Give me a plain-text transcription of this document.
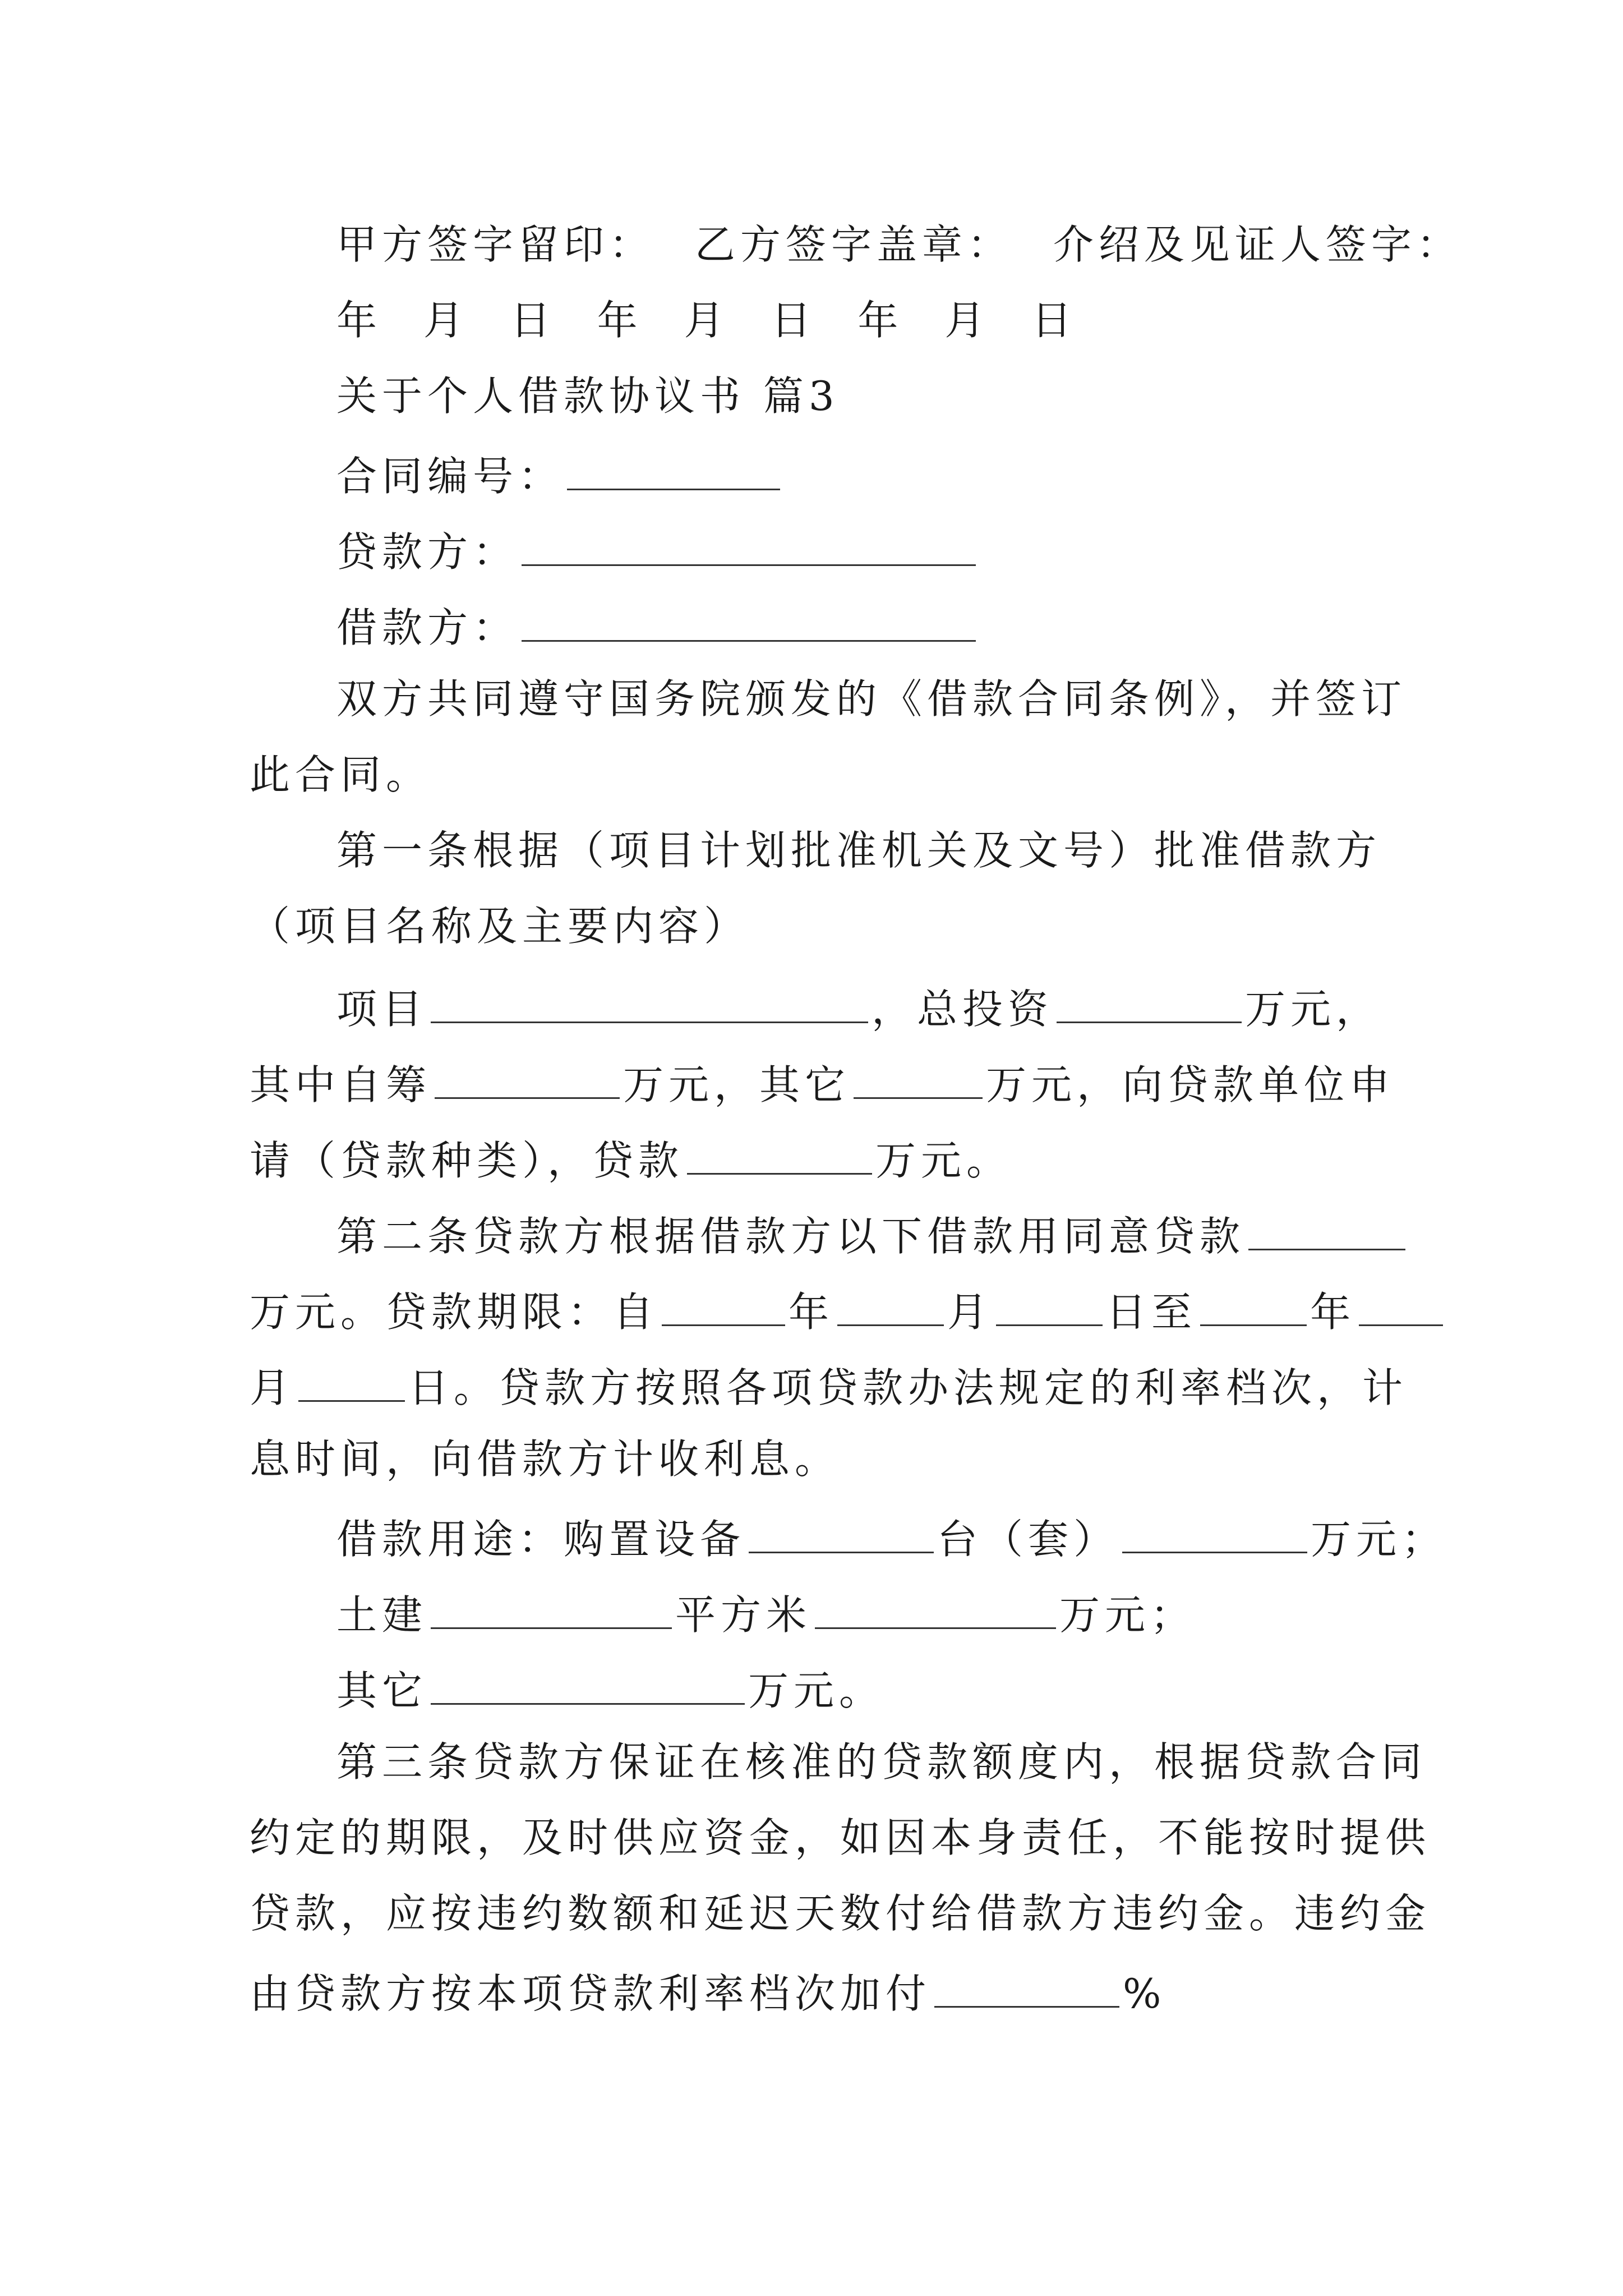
甲方签字留印： 乙方签字盖章： 介绍及见证人签字：
年 月 日 年 月 日 年 月 日
关于个人借款协议书 篇3
合同编号：
贷款方：
借款方：
双方共同遵守国务院颁发的《借款合同条例》，并签订
此合同。
第一条根据（项目计划批准机关及文号）批准借款方
（项目名称及主要内容）
项目	，总投资	万元，
其中自筹	万元，其它	万元，向贷款单位申
请（贷款种类），贷款	万元。
第二条贷款方根据借款方以下借款用同意贷款
万元。贷款期限：自	年	月	日至	年
月	日。贷款方按照各项贷款办法规定的利率档次，计
息时间，向借款方计收利息。
借款用途：购置设备	台（套）	万元；
土建	平方米	万元；
其它	万元。
第三条贷款方保证在核准的贷款额度内，根据贷款合同
约定的期限，及时供应资金，如因本身责任，不能按时提供
贷款，应按违约数额和延迟天数付给借款方违约金。违约金
由贷款方按本项贷款利率档次加付	%
